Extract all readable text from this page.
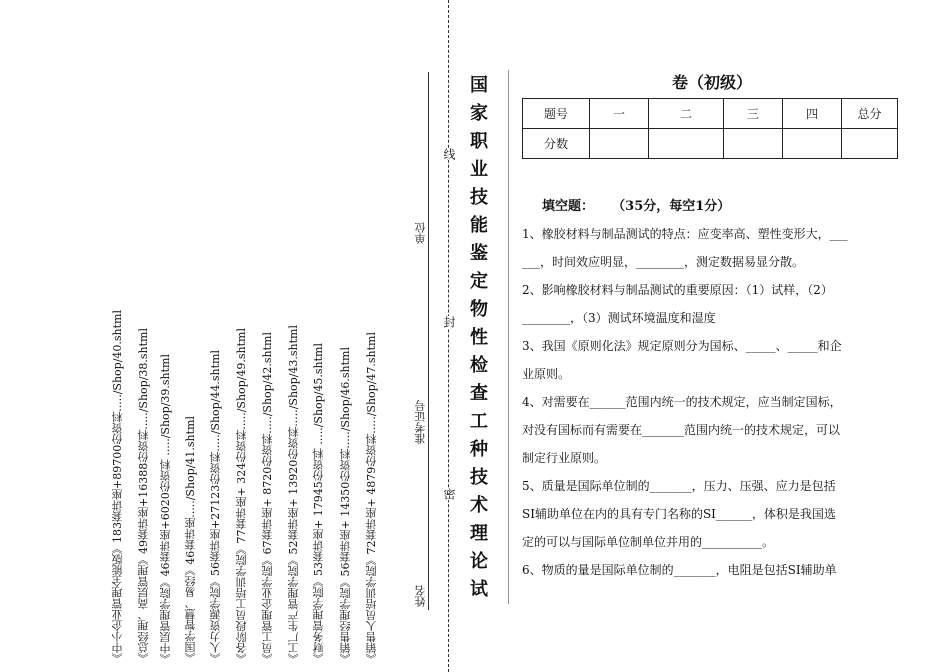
《中小企业管理全能版》183套讲座+89700份资料...../Shop/40.shtml 《总经理、高层管理》49套讲座+16388份资料...../Shop/38.shtml 《中层管理学院》46套讲座+6020份资料 ...../Shop/39.shtml 《国学智慧、易经》46套讲座...../Shop/41.shtml 《人力资源学院》56套讲座+27123份资料...../Shop/44.shtml 《各阶段员工培训学院》77套讲座+ 324份资料...../Shop/49.shtml 《员工管理企业学院》67套讲座+ 8720份资料...../Shop/42.shtml 《工厂生产管理学院》52套讲座+ 13920份资料...../Shop/43.shtml 《财务管理学院》53套讲座+ 17945份资料 ...../Shop/45.shtml 《销售经理学院》56套讲座+ 14350份资料...../Shop/46.shtml 《销售人员培训学院》72套讲座+ 4879份资料...../Shop/47.shtml	姓名
准考证号
单位
密
封
线
国
家
职
业
技
能
鉴
定
物
性
检
查
工
种
技
术
理
论
试
卷（初级）
题号	一	二	三	四	总分
分数					
填空题： （35分，每空1分）

1、橡胶材料与制品测试的特点：应变率高、塑性变形大，___

___，时间效应明显，________，测定数据易显分散。

2、影响橡胶材料与制品测试的重要原因：（1）试样，（2）

________，（3）测试环境温度和湿度

3、我国《原则化法》规定原则分为国标、_____、_____和企

业原则。

4、对需要在______范围内统一的技术规定，应当制定国标，

对没有国标而有需要在_______范围内统一的技术规定，可以

制定行业原则。

5、质量是国际单位制的_______，压力、压强、应力是包括

SI辅助单位在内的具有专门名称的SI______，体积是我国选

定的可以与国际单位制单位并用的__________。

6、物质的量是国际单位制的_______，电阻是包括SI辅助单
